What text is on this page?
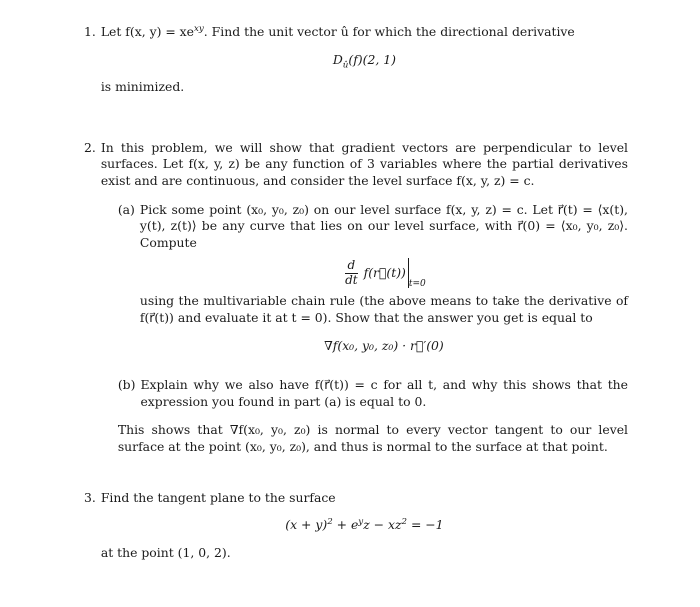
1. Let f(x, $y) = xe^{xy}$. Find the unit vector û for which the directional derivative

$D_û(f)(2$, 1)

is minimized.

2. In this problem, we will show that gradient vectors are perpendicular to level surfaces. Let f(x, y, z) be any function of 3 variables where the partial derivatives exist and are continuous, and consider the level surface f(x, y, z) = c.

(a) Pick some point (x₀, y₀, z₀) on our level surface f(x, y, z) = c. Let r⃗(t) = ⟨x(t), y(t), z(t)⟩ be any curve that lies on our level surface, with r⃗(0) = ⟨x₀, y₀, z₀⟩. Compute

$\frac{d}{dt}$ f(r⃗(t))
t=0

using the multivariable chain rule (the above means to take the derivative of f(r⃗(t)) and evaluate it at t = 0). Show that the answer you get is equal to

∇f(x₀, y₀, z₀) · r⃗′(0)
(b) Explain why we also have f(r⃗(t)) = c for all t, and why this shows that the expression you found in part (a) is equal to 0.

This shows that ∇f(x₀, y₀, z₀) is normal to every vector tangent to our level surface at the point (x₀, y₀, z₀), and thus is normal to the surface at that point.

3. Find the tangent plane to the surface

$(x + y)^2 + e^yz - xz^2 = -1$

at the point (1, 0, 2).
